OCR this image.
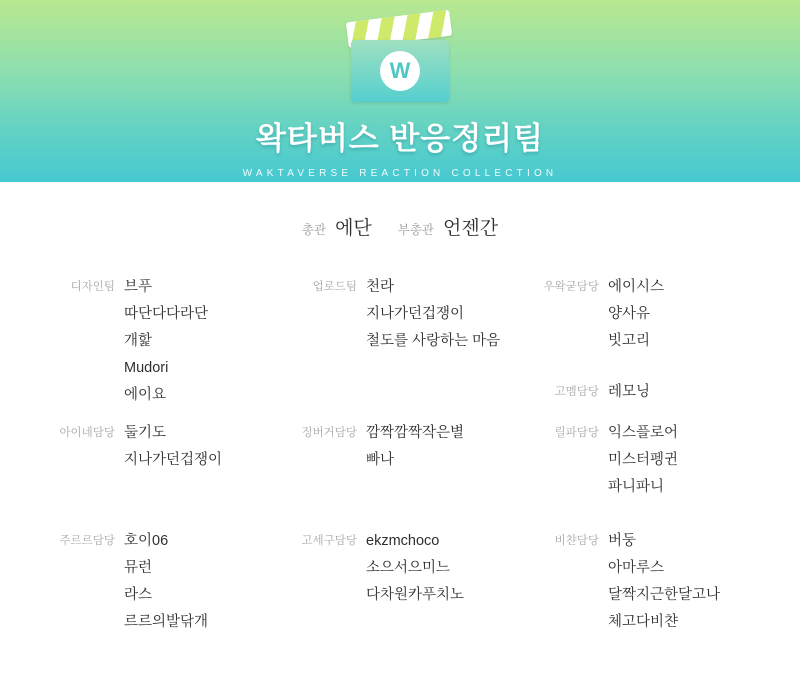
W
왁타버스 반응정리팀
WAKTAVERSE REACTION COLLECTION
총관 에단 부총관 언젠간
디자인팀 브푸
따단다다라단
개핥
Mudori
에이요
업로드팀 천라
지나가던겁쟁이
철도를 사랑하는 마음
우왁굳담당 에이시스
양사유
빗고리
고멤담당 레모닝
아이네담당 둘기도
지나가던겁쟁이
징버거담당 깜짝깜짝작은별
빠나
릴파담당 익스플로어
미스터펭귄
파니파니
주르르담당 호이06
뮤런
라스
르르의발닦개
고세구담당 ekzmchoco
소으서으미느
다차원카푸치노
비챤담당 버둥
아마루스
달짝지근한달고나
체고다비챤
